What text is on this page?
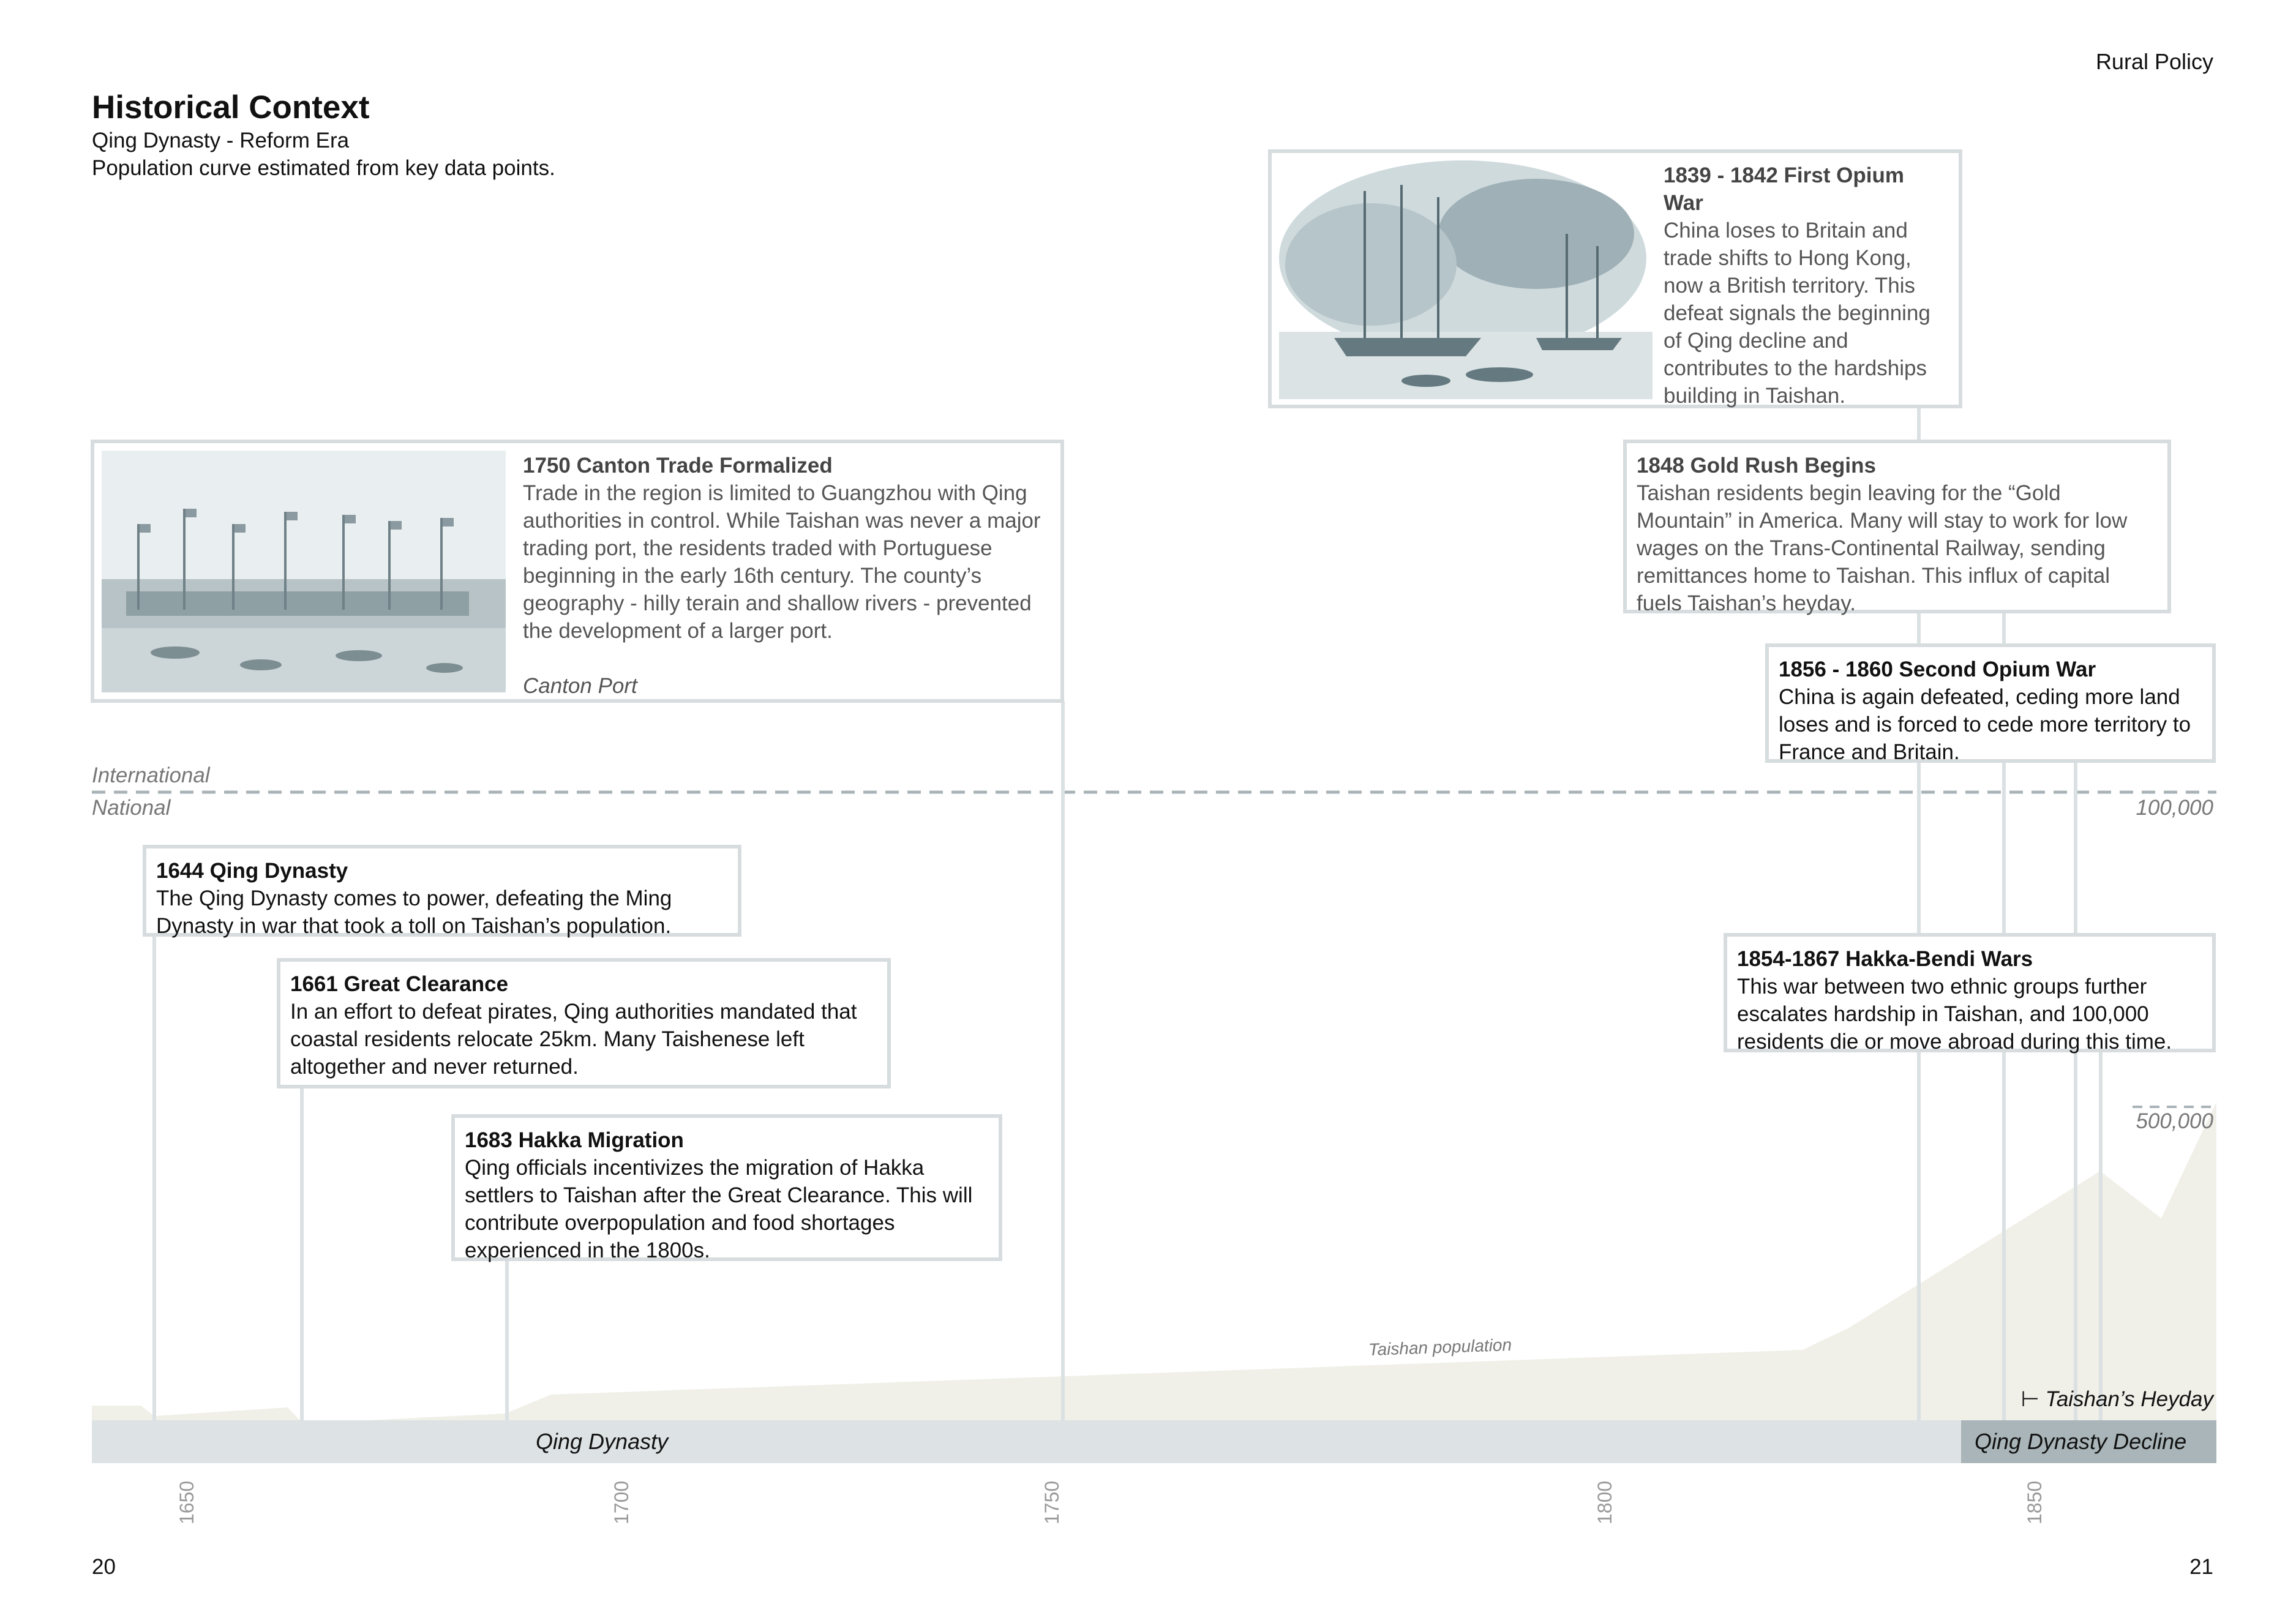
Rural Policy
Historical Context
Qing Dynasty - Reform Era
Population curve estimated from key data points.
International
National	100,000
500,000
Taishan population
⊢ Taishan’s Heyday
1750 Canton Trade Formalized
Trade in the region is limited to Guangzhou with Qing authorities in control. While Taishan was never a major trading port, the residents traded with Portuguese beginning in the early 16th century. The county’s geography - hilly terain and shallow rivers - prevented the development of a larger port.
Canton Port
1839 - 1842 First Opium War
China loses to Britain and trade shifts to Hong Kong, now a British territory. This defeat signals the beginning of Qing decline and contributes to the hardships building in Taishan.
1848 Gold Rush Begins
Taishan residents begin leaving for the “Gold Mountain” in America. Many will stay to work for low wages on the Trans-Continental Railway, sending remittances home to Taishan. This influx of capital fuels Taishan’s heyday.
1856 - 1860 Second Opium War
China is again defeated, ceding more land loses and is forced to cede more territory to France and Britain.
1644 Qing Dynasty
The Qing Dynasty comes to power, defeating the Ming Dynasty in war that took a toll on Taishan’s population.
1661 Great Clearance
In an effort to defeat pirates, Qing authorities mandated that coastal residents relocate 25km. Many Taishenese left altogether and never returned.
1683 Hakka Migration
Qing officials incentivizes the migration of Hakka settlers to Taishan after the Great Clearance. This will contribute overpopulation and food shortages experienced in the 1800s.
1854-1867 Hakka-Bendi Wars
This war between two ethnic groups further escalates hardship in Taishan, and 100,000 residents die or move abroad during this time.
Qing Dynasty	Qing Dynasty Decline
1650	1700	1750	1800	1850
20	21
